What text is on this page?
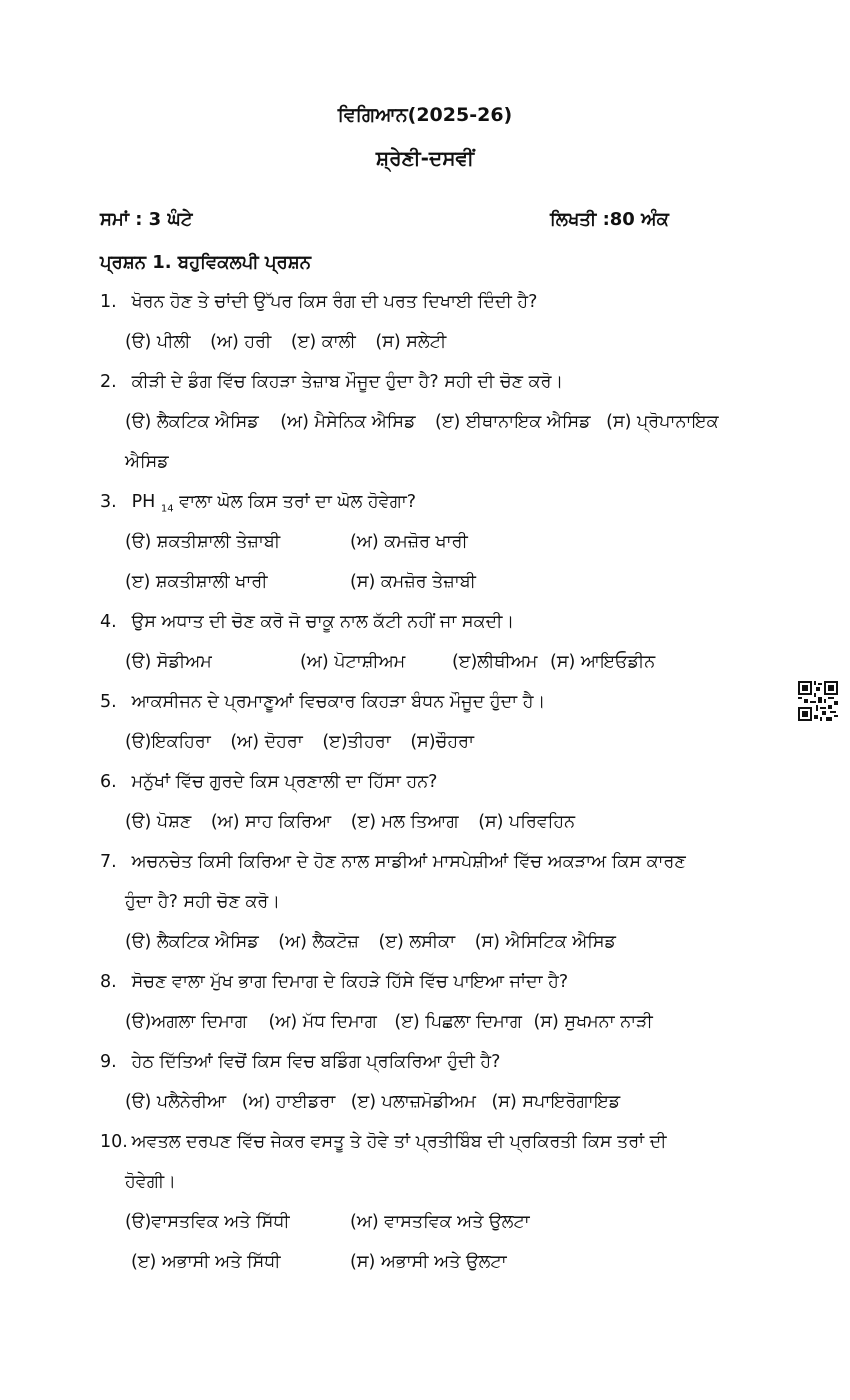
ਵਿਗਿਆਨ(2025-26)
ਸ਼੍ਰੇਣੀ-ਦਸਵੀਂ
ਸਮਾਂ : 3 ਘੰਟੇ	ਲਿਖਤੀ :80 ਅੰਕ
ਪ੍ਰਸ਼ਨ 1. ਬਹੁਵਿਕਲਪੀ ਪ੍ਰਸ਼ਨ
1. ਖੋਰਨ ਹੋਣ ਤੇ ਚਾਂਦੀ ਉੱਪਰ ਕਿਸ ਰੰਗ ਦੀ ਪਰਤ ਦਿਖਾਈ ਦਿੰਦੀ ਹੈ?
(ੳ) ਪੀਲੀ (ਅ) ਹਰੀ (ੲ) ਕਾਲੀ (ਸ) ਸਲੇਟੀ
2. ਕੀੜੀ ਦੇ ਡੰਗ ਵਿੱਚ ਕਿਹੜਾ ਤੇਜ਼ਾਬ ਮੌਜੂਦ ਹੁੰਦਾ ਹੈ? ਸਹੀ ਦੀ ਚੋਣ ਕਰੋ।
(ੳ) ਲੈਕਟਿਕ ਐਸਿਡ (ਅ) ਮੈਸੇਨਿਕ ਐਸਿਡ (ੲ) ਈਥਾਨਾਇਕ ਐਸਿਡ (ਸ) ਪ੍ਰੋਪਾਨਾਇਕ
ਐਸਿਡ
3. PH $_{14}$ ਵਾਲਾ ਘੋਲ ਕਿਸ ਤਰਾਂ ਦਾ ਘੋਲ ਹੋਵੇਗਾ?
(ੳ) ਸ਼ਕਤੀਸ਼ਾਲੀ ਤੇਜ਼ਾਬੀ	(ਅ) ਕਮਜ਼ੋਰ ਖਾਰੀ
(ੲ) ਸ਼ਕਤੀਸ਼ਾਲੀ ਖਾਰੀ	(ਸ) ਕਮਜ਼ੋਰ ਤੇਜ਼ਾਬੀ
4. ਉਸ ਅਧਾਤ ਦੀ ਚੋਣ ਕਰੋ ਜੋ ਚਾਕੂ ਨਾਲ ਕੱਟੀ ਨਹੀਂ ਜਾ ਸਕਦੀ।
(ੳ) ਸੋਡੀਅਮ	(ਅ) ਪੋਟਾਸ਼ੀਅਮ	(ੲ)ਲੀਥੀਅਮ (ਸ) ਆਇਓਡੀਨ
5. ਆਕਸੀਜਨ ਦੇ ਪ੍ਰਮਾਣੂਆਂ ਵਿਚਕਾਰ ਕਿਹੜਾ ਬੰਧਨ ਮੌਜੂਦ ਹੁੰਦਾ ਹੈ।
(ੳ)ਇਕਹਿਰਾ (ਅ) ਦੋਹਰਾ (ੲ)ਤੀਹਰਾ (ਸ)ਚੌਹਰਾ
6. ਮਨੁੱਖਾਂ ਵਿੱਚ ਗੁਰਦੇ ਕਿਸ ਪ੍ਰਣਾਲੀ ਦਾ ਹਿੱਸਾ ਹਨ?
(ੳ) ਪੋਸ਼ਣ (ਅ) ਸਾਹ ਕਿਰਿਆ (ੲ) ਮਲ ਤਿਆਗ (ਸ) ਪਰਿਵਹਿਨ
7. ਅਚਨਚੇਤ ਕਿਸੀ ਕਿਰਿਆ ਦੇ ਹੋਣ ਨਾਲ ਸਾਡੀਆਂ ਮਾਸਪੇਸ਼ੀਆਂ ਵਿੱਚ ਅਕੜਾਅ ਕਿਸ ਕਾਰਣ
ਹੁੰਦਾ ਹੈ? ਸਹੀ ਚੋਣ ਕਰੋ।
(ੳ) ਲੈਕਟਿਕ ਐਸਿਡ (ਅ) ਲੈਕਟੋਜ਼ (ੲ) ਲਸੀਕਾ (ਸ) ਐਸਿਟਿਕ ਐਸਿਡ
8. ਸੋਚਣ ਵਾਲਾ ਮੁੱਖ ਭਾਗ ਦਿਮਾਗ ਦੇ ਕਿਹੜੇ ਹਿੱਸੇ ਵਿੱਚ ਪਾਇਆ ਜਾਂਦਾ ਹੈ?
(ੳ)ਅਗਲਾ ਦਿਮਾਗ (ਅ) ਮੱਧ ਦਿਮਾਗ (ੲ) ਪਿਛਲਾ ਦਿਮਾਗ (ਸ) ਸੁਖਮਨਾ ਨਾੜੀ
9. ਹੇਠ ਦਿੱਤਿਆਂ ਵਿਚੋਂ ਕਿਸ ਵਿਚ ਬਡਿੰਗ ਪ੍ਰਕਿਰਿਆ ਹੁੰਦੀ ਹੈ?
(ੳ) ਪਲੈਨੇਰੀਆ (ਅ) ਹਾਈਡਰਾ (ੲ) ਪਲਾਜ਼ਮੋਡੀਅਮ (ਸ) ਸਪਾਇਰੋਗਾਇਡ
10. ਅਵਤਲ ਦਰਪਣ ਵਿੱਚ ਜੇਕਰ ਵਸਤੂ ਤੇ ਹੋਵੇ ਤਾਂ ਪ੍ਰਤੀਬਿੰਬ ਦੀ ਪ੍ਰਕਿਰਤੀ ਕਿਸ ਤਰਾਂ ਦੀ
ਹੋਵੇਗੀ।
(ੳ)ਵਾਸਤਵਿਕ ਅਤੇ ਸਿੱਧੀ	(ਅ) ਵਾਸਤਵਿਕ ਅਤੇ ਉਲਟਾ
(ੲ) ਅਭਾਸੀ ਅਤੇ ਸਿੱਧੀ	(ਸ) ਅਭਾਸੀ ਅਤੇ ਉਲਟਾ
